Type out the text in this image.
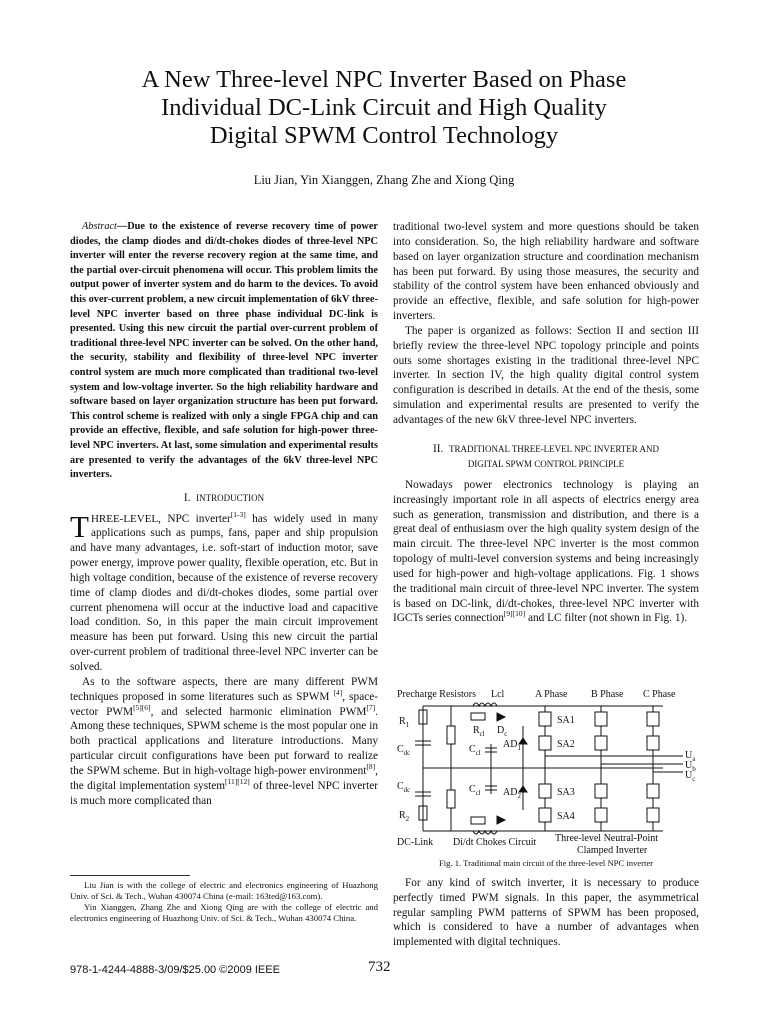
A New Three-level NPC Inverter Based on Phase
Individual DC-Link Circuit and High Quality
Digital SPWM Control Technology
Liu Jian, Yin Xianggen, Zhang Zhe and Xiong Qing

Abstract—Due to the existence of reverse recovery time of power diodes, the clamp diodes and di/dt-chokes diodes of three-level NPC inverter will enter the reverse recovery region at the same time, and the partial over-circuit phenomena will occur. This problem limits the output power of inverter system and do harm to the devices. To avoid this over-current problem, a new circuit implementation of 6kV three-level NPC inverter based on three phase individual DC-link is presented. Using this new circuit the partial over-current problem of traditional three-level NPC inverter can be solved. On the other hand, the security, stability and flexibility of three-level NPC inverter control system are much more complicated than traditional two-level system and low-voltage inverter. So the high reliability hardware and software based on layer organization structure has been put forward. This control scheme is realized with only a single FPGA chip and can provide an effective, flexible, and safe solution for high-power three-level NPC inverters. At last, some simulation and experimental results are presented to verify the advantages of the 6kV three-level NPC inverters.

I. INTRODUCTION

T HREE-LEVEL, NPC inverter[1-3] has widely used in many applications such as pumps, fans, paper and ship propulsion and have many advantages, i.e. soft-start of induction motor, save power energy, improve power quality, flexible operation, etc. But in high voltage condition, because of the existence of reverse recovery time of clamp diodes and di/dt-chokes diodes, some partial over current phenomena will occur at the inductive load and capacitive load condition. So, in this paper the main circuit improvement measure has been put forward. Using this new circuit the partial over-current problem of traditional three-level NPC inverter can be solved.

As to the software aspects, there are many different PWM techniques proposed in some literatures such as SPWM [4], space-vector PWM[5][6], and selected harmonic elimination PWM[7]. Among these techniques, SPWM scheme is the most popular one in both practical applications and literature introductions. Many particular circuit configurations have been put forward to realize the SPWM scheme. But in high-voltage high-power environment[8], the digital implementation system[11][12] of three-level NPC inverter is much more complicated than

traditional two-level system and more questions should be taken into consideration. So, the high reliability hardware and software based on layer organization structure and coordination mechanism has been put forward. By using those measures, the security and stability of the control system have been enhanced obviously and provide an effective, flexible, and safe solution for high-power inverters.

The paper is organized as follows: Section II and section III briefly review the three-level NPC topology principle and points outs some shortages existing in the traditional three-level NPC inverter. In section IV, the high quality digital control system configuration is described in details. At the end of the thesis, some simulation and experimental results are presented to verify the advantages of the new 6kV three-level NPC inverters.

II. TRADITIONAL THREE-LEVEL NPC INVERTER AND
DIGITAL SPWM CONTROL PRINCIPLE

Nowadays power electronics technology is playing an increasingly important role in all aspects of electrics energy area such as generation, transmission and distribution, and there is a great deal of enthusiasm over the high quality system design of the main circuit. The three-level NPC inverter is the most common topology of multi-level conversion systems and being increasingly used for high-power and high-voltage applications. Fig. 1 shows the traditional main circuit of three-level NPC inverter. The system is based on DC-link, di/dt-chokes, three-level NPC inverter with IGCTs series connection[9][10] and LC filter (not shown in Fig. 1).

Precharge Resistors Lcl	A Phase B Phase C Phase
$R_1$
$R_2$
$C_{dc}$
$C_{dc}$
$R_{cl}$ $D_c$
$C_{cl}$
$C_{cl}$
$AD_1$
$AD_2$
SA1
SA2
SA3
SA4
$U_a$
$U_b$
$U_c$
DC-Link Di/dt Chokes Circuit Three-level Neutral-Point
Clamped Inverter
Fig. 1. Traditional main circuit of the three-level NPC inverter

For any kind of switch inverter, it is necessary to produce perfectly timed PWM signals. In this paper, the asymmetrical regular sampling PWM patterns of SPWM has been proposed, which is considered to have a number of advantages when implemented with digital techniques.

Liu Jian is with the college of electric and electronics engineering of Huazhong Univ. of Sci. & Tech., Wuhan 430074 China (e-mail: 163ted@163.com).

Yin Xianggen, Zhang Zhe and Xiong Qing are with the college of electric and electronics engineering of Huazhong Univ. of Sci. & Tech., Wuhan 430074 China.

978-1-4244-4888-3/09/$25.00 ©2009 IEEE	732
